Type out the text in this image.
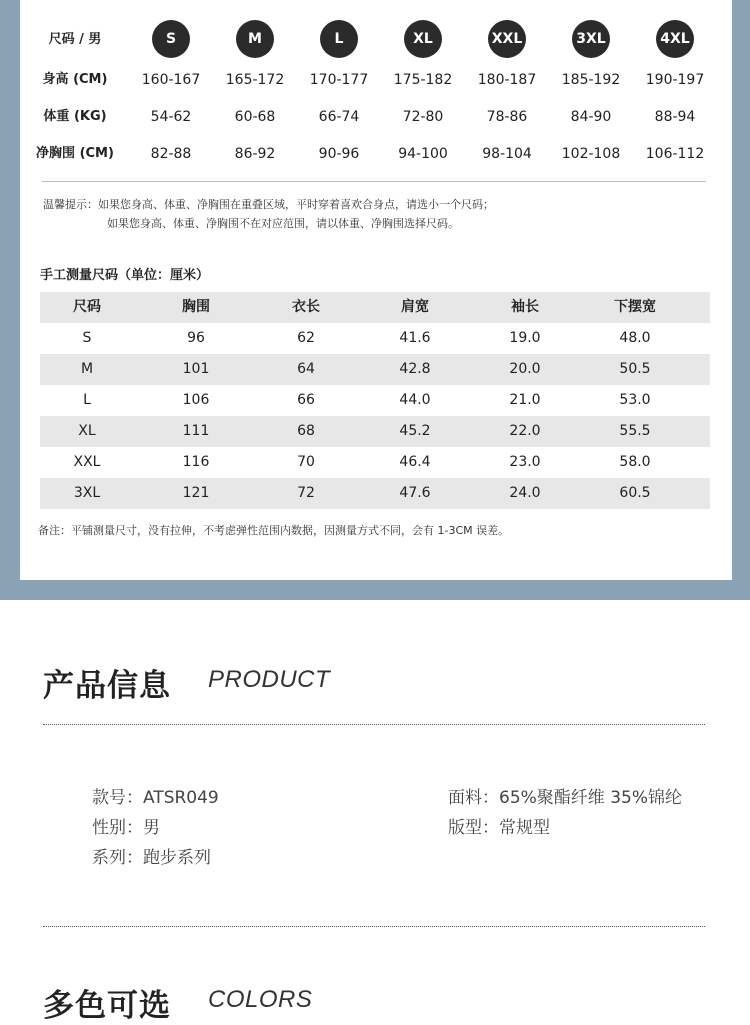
尺码 / 男	S	M	L	XL	XXL	3XL	4XL
身高 (CM)	160-167	165-172	170-177	175-182	180-187	185-192	190-197
体重 (KG)	54-62	60-68	66-74	72-80	78-86	84-90	88-94
净胸围 (CM)	82-88	86-92	90-96	94-100	98-104	102-108	106-112
温馨提示：如果您身高、体重、净胸围在重叠区域，平时穿着喜欢合身点，请选小一个尺码；
如果您身高、体重、净胸围不在对应范围，请以体重、净胸围选择尺码。
手工测量尺码（单位：厘米）
尺码	胸围	衣长	肩宽	袖长	下摆宽
S	96	62	41.6	19.0	48.0
M	101	64	42.8	20.0	50.5
L	106	66	44.0	21.0	53.0
XL	111	68	45.2	22.0	55.5
XXL	116	70	46.4	23.0	58.0
3XL	121	72	47.6	24.0	60.5
备注：平铺测量尺寸，没有拉伸，不考虑弹性范围内数据，因测量方式不同，会有 1-3CM 误差。
产品信息 PRODUCT
款号：ATSR049
性别：男
系列：跑步系列
面料：65%聚酯纤维 35%锦纶
版型：常规型
多色可选 COLORS
